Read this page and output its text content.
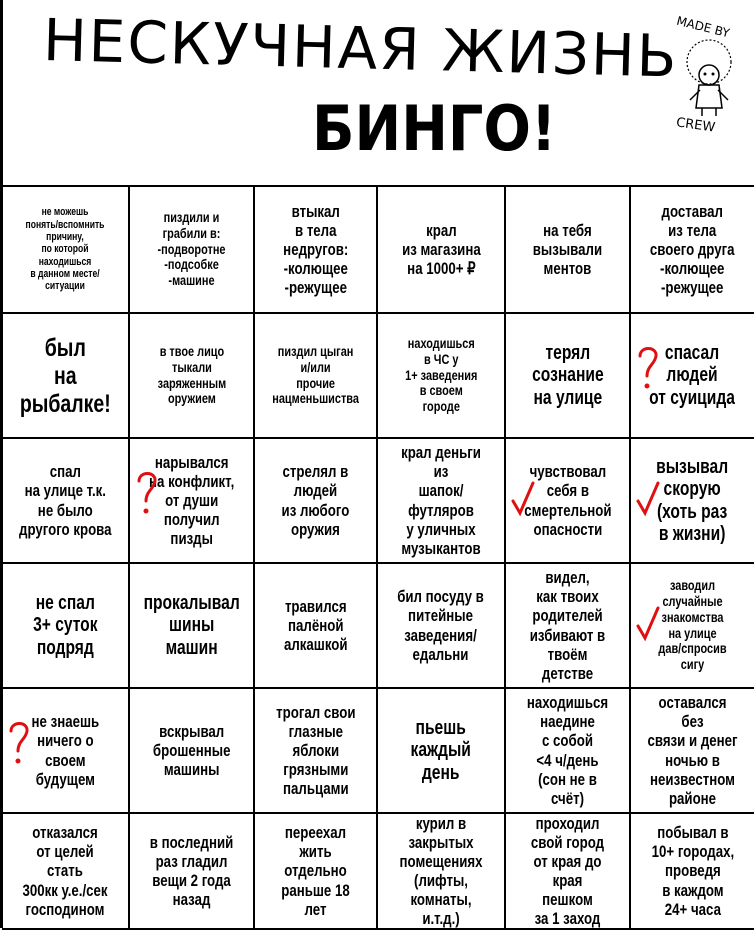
НЕСКУЧНАЯ ЖИЗНЬ
БИНГО!
MADE BY
CREW
не можешь
понять/вспомнить
причину,
по которой находишься
в данном месте/ситуации
пиздили и грабили в:
-подворотне
-подсобке
-машине
втыкал
в тела
недругов:
-колющее
-режущее
крал
из магазина
на 1000+ ₽
на тебя
вызывали
ментов
доставал
из тела
своего друга
-колющее
-режущее
был
на
рыбалке!
в твое лицо
тыкали
заряженным
оружием
пиздил цыган
и/или
прочие
нацменьшиства
находишься
в ЧС у
1+ заведения
в своем
городе
терял
сознание
на улице
спасал
людей
от суицида
спал
на улице т.к.
не было
другого крова
нарывался
на конфликт,
от души
получил
пизды
стрелял в
людей
из любого
оружия
крал деньги из
шапок/футляров
у уличных
музыкантов
чувствовал
себя в
смертельной
опасности
вызывал
скорую
(хоть раз
в жизни)
не спал
3+ суток
подряд
прокалывал
шины
машин
травился
палёной
алкашкой
бил посуду в
питейные
заведения/
едальни
видел,
как твоих
родителей
избивают в
твоём детстве
заводил
случайные
знакомства
на улице
дав/спросив сигу
не знаешь
ничего о
своем
будущем
вскрывал
брошенные
машины
трогал свои
глазные
яблоки
грязными
пальцами
пьешь
каждый
день
находишься
наедине
с собой
<4 ч/день
(сон не в счёт)
оставался без
связи и денег
ночью в
неизвестном
районе
отказался
от целей стать
300кк у.е./сек
господином
в последний
раз гладил
вещи 2 года
назад
переехал
жить
отдельно
раньше 18 лет
курил в
закрытых
помещениях
(лифты, комнаты,
и.т.д.)
проходил
свой город
от края до края
пешком
за 1 заход
побывал в
10+ городах,
проведя
в каждом
24+ часа
